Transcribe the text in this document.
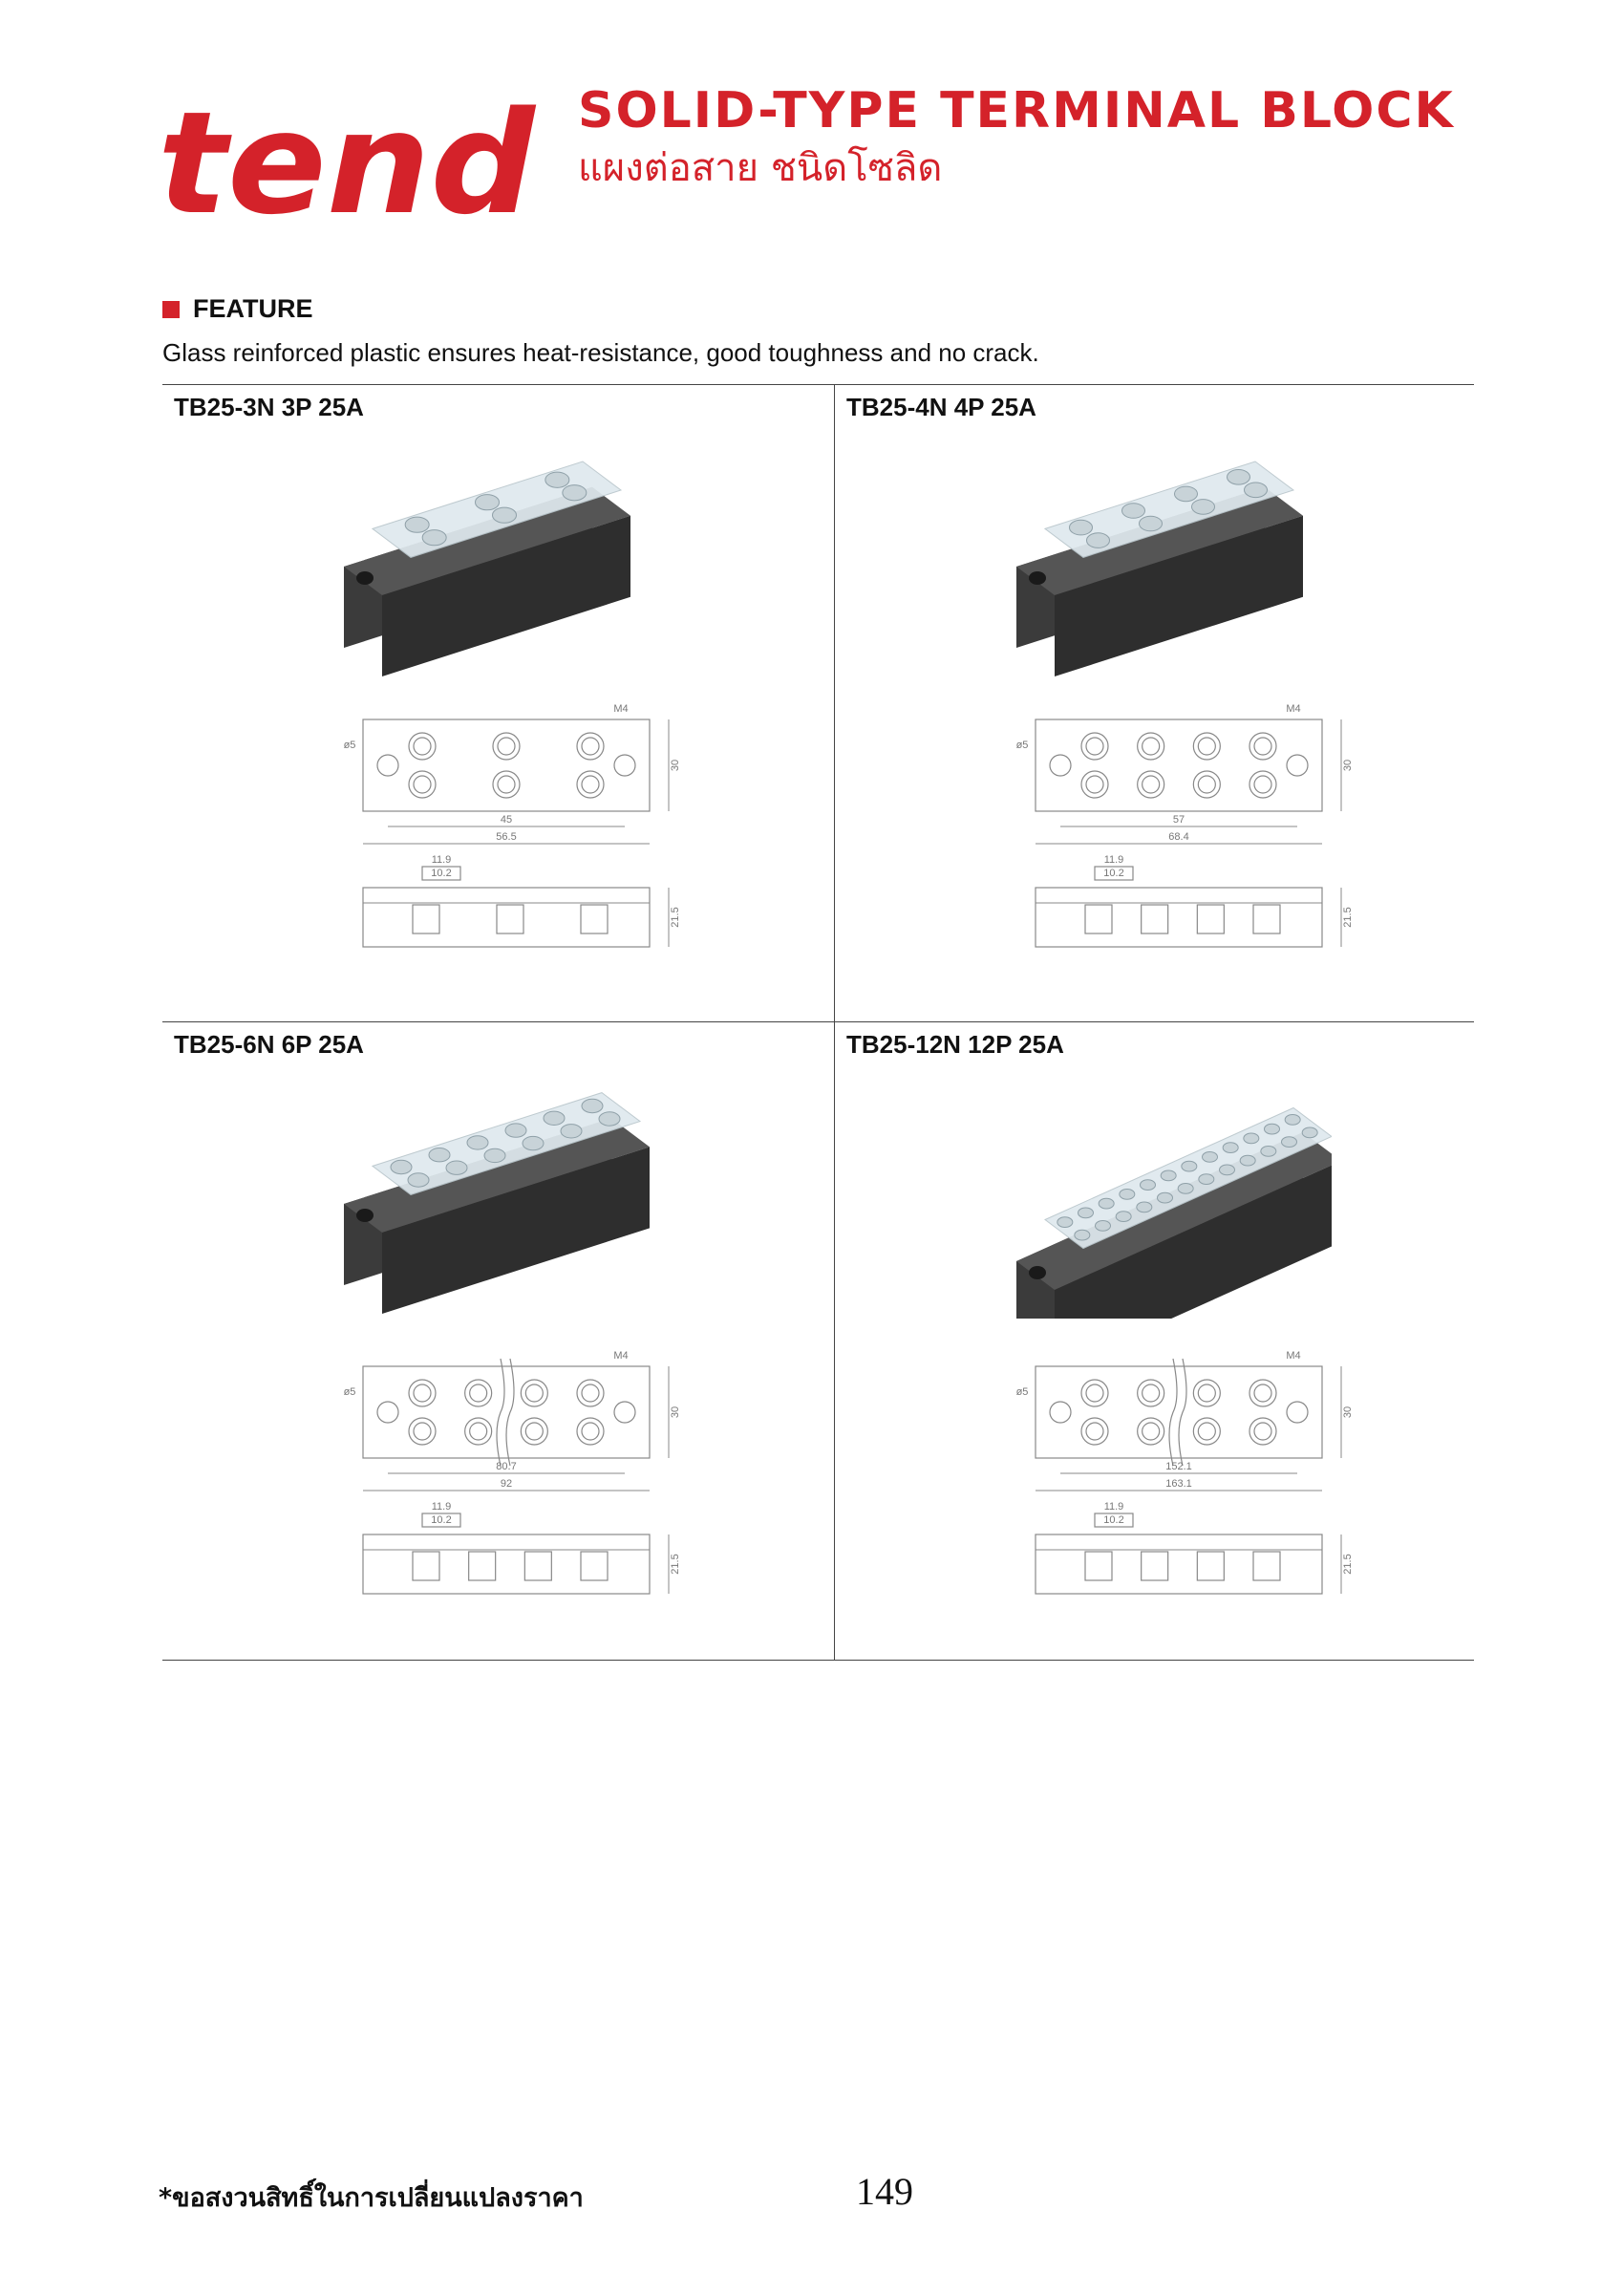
tend SOLID-TYPE TERMINAL BLOCK
แผงต่อสาย ชนิดโซลิด
FEATURE
Glass reinforced plastic ensures heat-resistance, good toughness and no crack.
TB25-3N 3P 25A
ø5
M4
30
45
56.5
11.9
10.2
21.5
TB25-4N 4P 25A
ø5
M4
30
57
68.4
11.9
10.2
21.5
TB25-6N 6P 25A
ø5
M4
30
80.7
92
11.9
10.2
21.5
TB25-12N 12P 25A
ø5
M4
30
152.1
163.1
11.9
10.2
21.5
*ขอสงวนสิทธิ์ในการเปลี่ยนแปลงราคา	149
